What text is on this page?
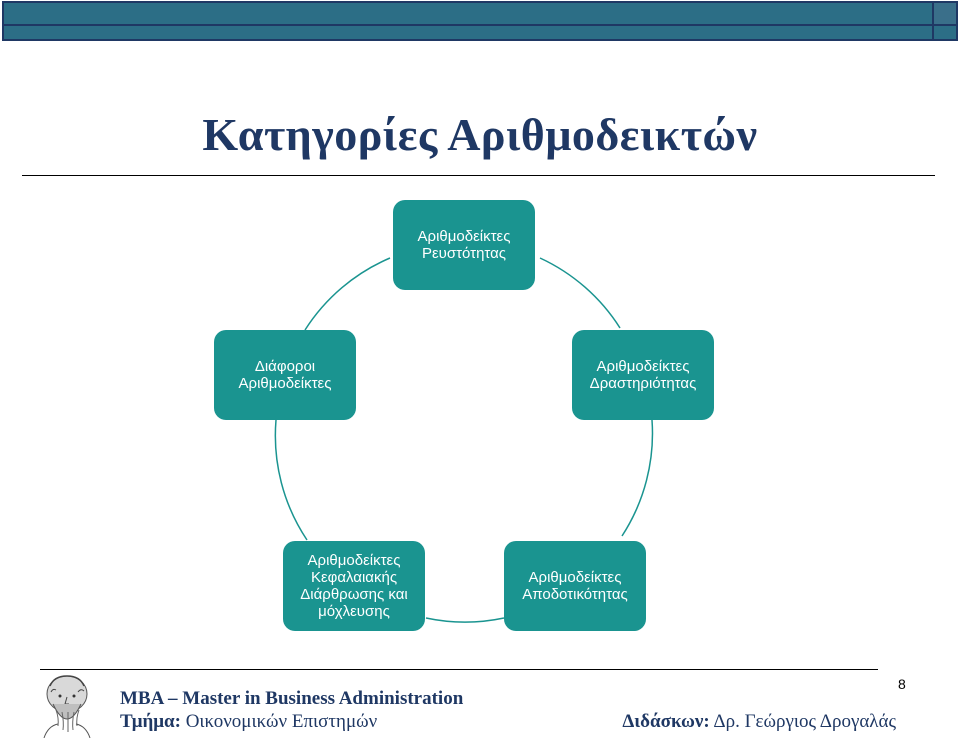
Κατηγορίες Αριθμοδεικτών
Αριθμοδείκτες
Ρευστότητας
Αριθμοδείκτες
Δραστηριότητας
Αριθμοδείκτες
Αποδοτικότητας
Αριθμοδείκτες
Κεφαλαιακής
Διάρθρωσης και
μόχλευσης
Διάφοροι
Αριθμοδείκτες
8
MBA – Master in Business Administration
Τμήμα: Οικονομικών Επιστημών	Διδάσκων: Δρ. Γεώργιος Δρογαλάς
